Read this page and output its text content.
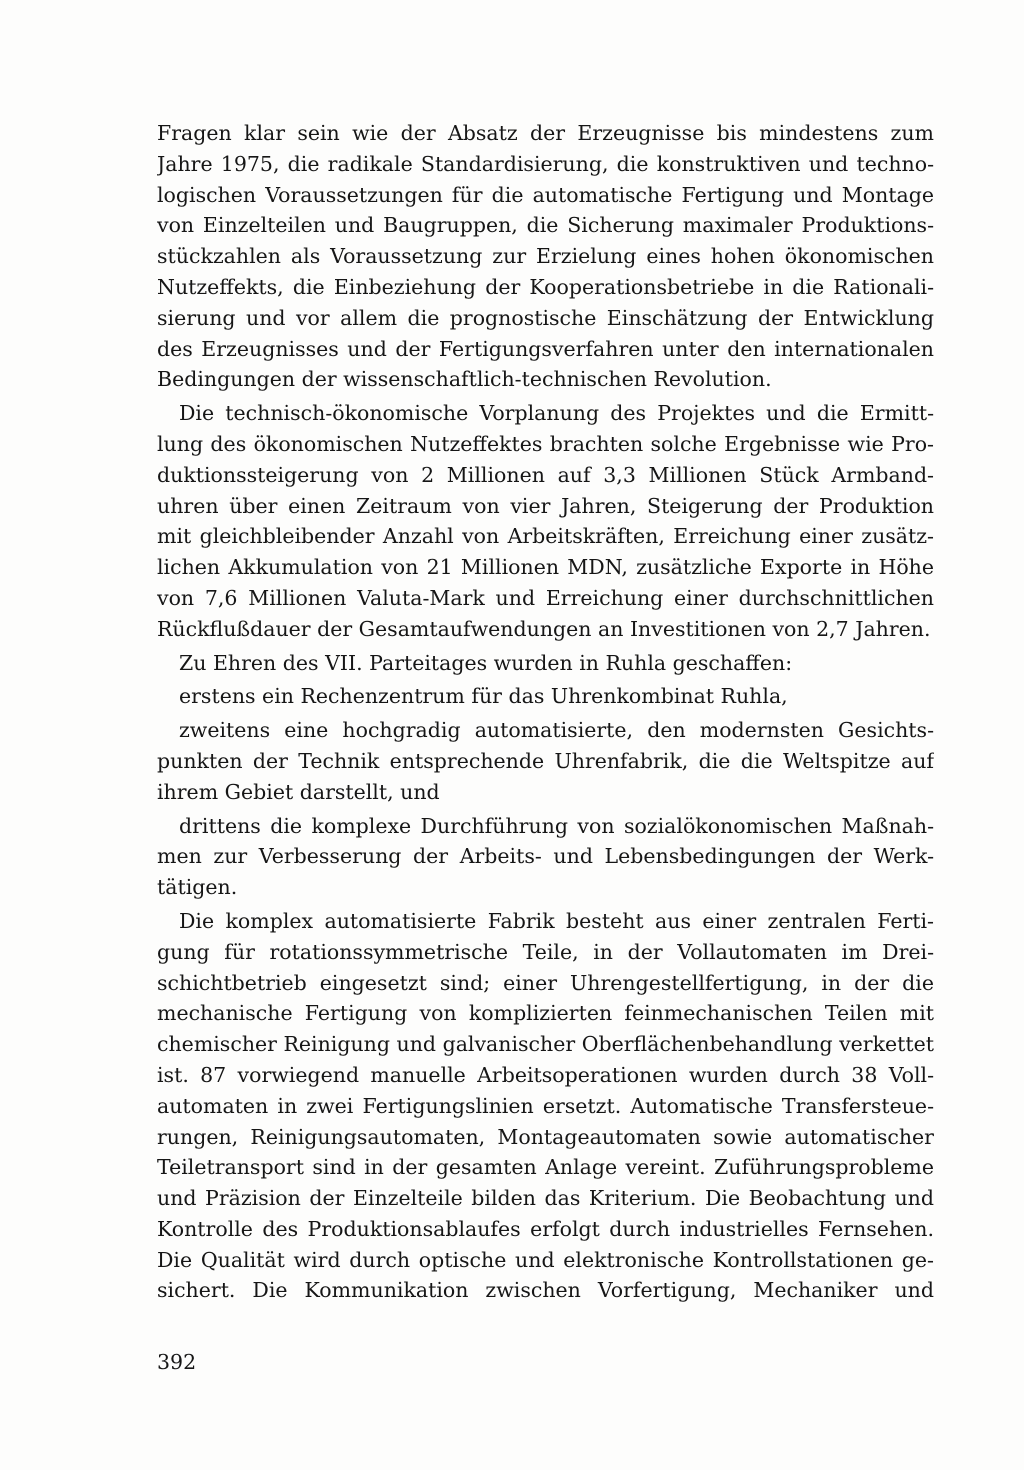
Fragen klar sein wie der Absatz der Erzeugnisse bis mindestens zum
Jahre 1975, die radikale Standardisierung, die konstruktiven und techno-
logischen Voraussetzungen für die automatische Fertigung und Montage
von Einzelteilen und Baugruppen, die Sicherung maximaler Produktions-
stückzahlen als Voraussetzung zur Erzielung eines hohen ökonomischen
Nutzeffekts, die Einbeziehung der Kooperationsbetriebe in die Rationali-
sierung und vor allem die prognostische Einschätzung der Entwicklung
des Erzeugnisses und der Fertigungsverfahren unter den internationalen
Bedingungen der wissenschaftlich-technischen Revolution.
Die technisch-ökonomische Vorplanung des Projektes und die Ermitt-
lung des ökonomischen Nutzeffektes brachten solche Ergebnisse wie Pro-
duktionssteigerung von 2 Millionen auf 3,3 Millionen Stück Armband-
uhren über einen Zeitraum von vier Jahren, Steigerung der Produktion
mit gleichbleibender Anzahl von Arbeitskräften, Erreichung einer zusätz-
lichen Akkumulation von 21 Millionen MDN, zusätzliche Exporte in Höhe
von 7,6 Millionen Valuta-Mark und Erreichung einer durchschnittlichen
Rückflußdauer der Gesamtaufwendungen an Investitionen von 2,7 Jahren.
Zu Ehren des VII. Parteitages wurden in Ruhla geschaffen:
erstens ein Rechenzentrum für das Uhrenkombinat Ruhla,
zweitens eine hochgradig automatisierte, den modernsten Gesichts-
punkten der Technik entsprechende Uhrenfabrik, die die Weltspitze auf
ihrem Gebiet darstellt, und
drittens die komplexe Durchführung von sozialökonomischen Maßnah-
men zur Verbesserung der Arbeits- und Lebensbedingungen der Werk-
tätigen.
Die komplex automatisierte Fabrik besteht aus einer zentralen Ferti-
gung für rotationssymmetrische Teile, in der Vollautomaten im Drei-
schichtbetrieb eingesetzt sind; einer Uhrengestellfertigung, in der die
mechanische Fertigung von komplizierten feinmechanischen Teilen mit
chemischer Reinigung und galvanischer Oberflächenbehandlung verkettet
ist. 87 vorwiegend manuelle Arbeitsoperationen wurden durch 38 Voll-
automaten in zwei Fertigungslinien ersetzt. Automatische Transfersteue-
rungen, Reinigungsautomaten, Montageautomaten sowie automatischer
Teiletransport sind in der gesamten Anlage vereint. Zuführungsprobleme
und Präzision der Einzelteile bilden das Kriterium. Die Beobachtung und
Kontrolle des Produktionsablaufes erfolgt durch industrielles Fernsehen.
Die Qualität wird durch optische und elektronische Kontrollstationen ge-
sichert. Die Kommunikation zwischen Vorfertigung, Mechaniker und
392
